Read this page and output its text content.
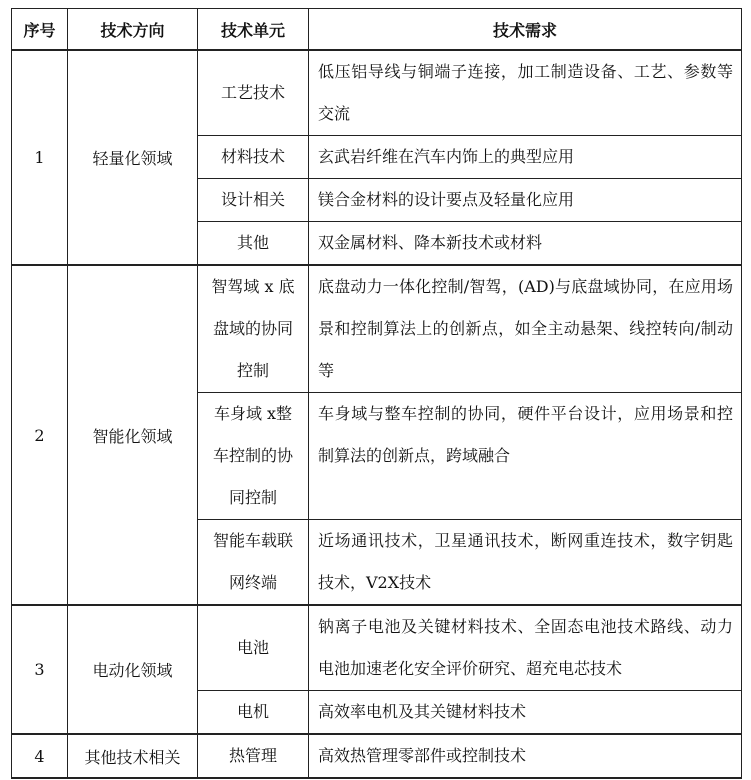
序号	技术方向	技术单元	技术需求
1	轻量化领域	工艺技术	低压铝导线与铜端子连接，加工制造设备、工艺、参数等交流
		材料技术	玄武岩纤维在汽车内饰上的典型应用
		设计相关	镁合金材料的设计要点及轻量化应用
		其他	双金属材料、降本新技术或材料
2	智能化领域	智驾域 x 底盘域的协同控制	底盘动力一体化控制/智驾，(AD)与底盘域协同，在应用场景和控制算法上的创新点，如全主动悬架、线控转向/制动等
		车身域 x整车控制的协同控制	车身域与整车控制的协同，硬件平台设计，应用场景和控制算法的创新点，跨域融合
		智能车载联网终端	近场通讯技术，卫星通讯技术，断网重连技术，数字钥匙技术，V2X技术
3	电动化领域	电池	钠离子电池及关键材料技术、全固态电池技术路线、动力电池加速老化安全评价研究、超充电芯技术
		电机	高效率电机及其关键材料技术
4	其他技术相关	热管理	高效热管理零部件或控制技术
